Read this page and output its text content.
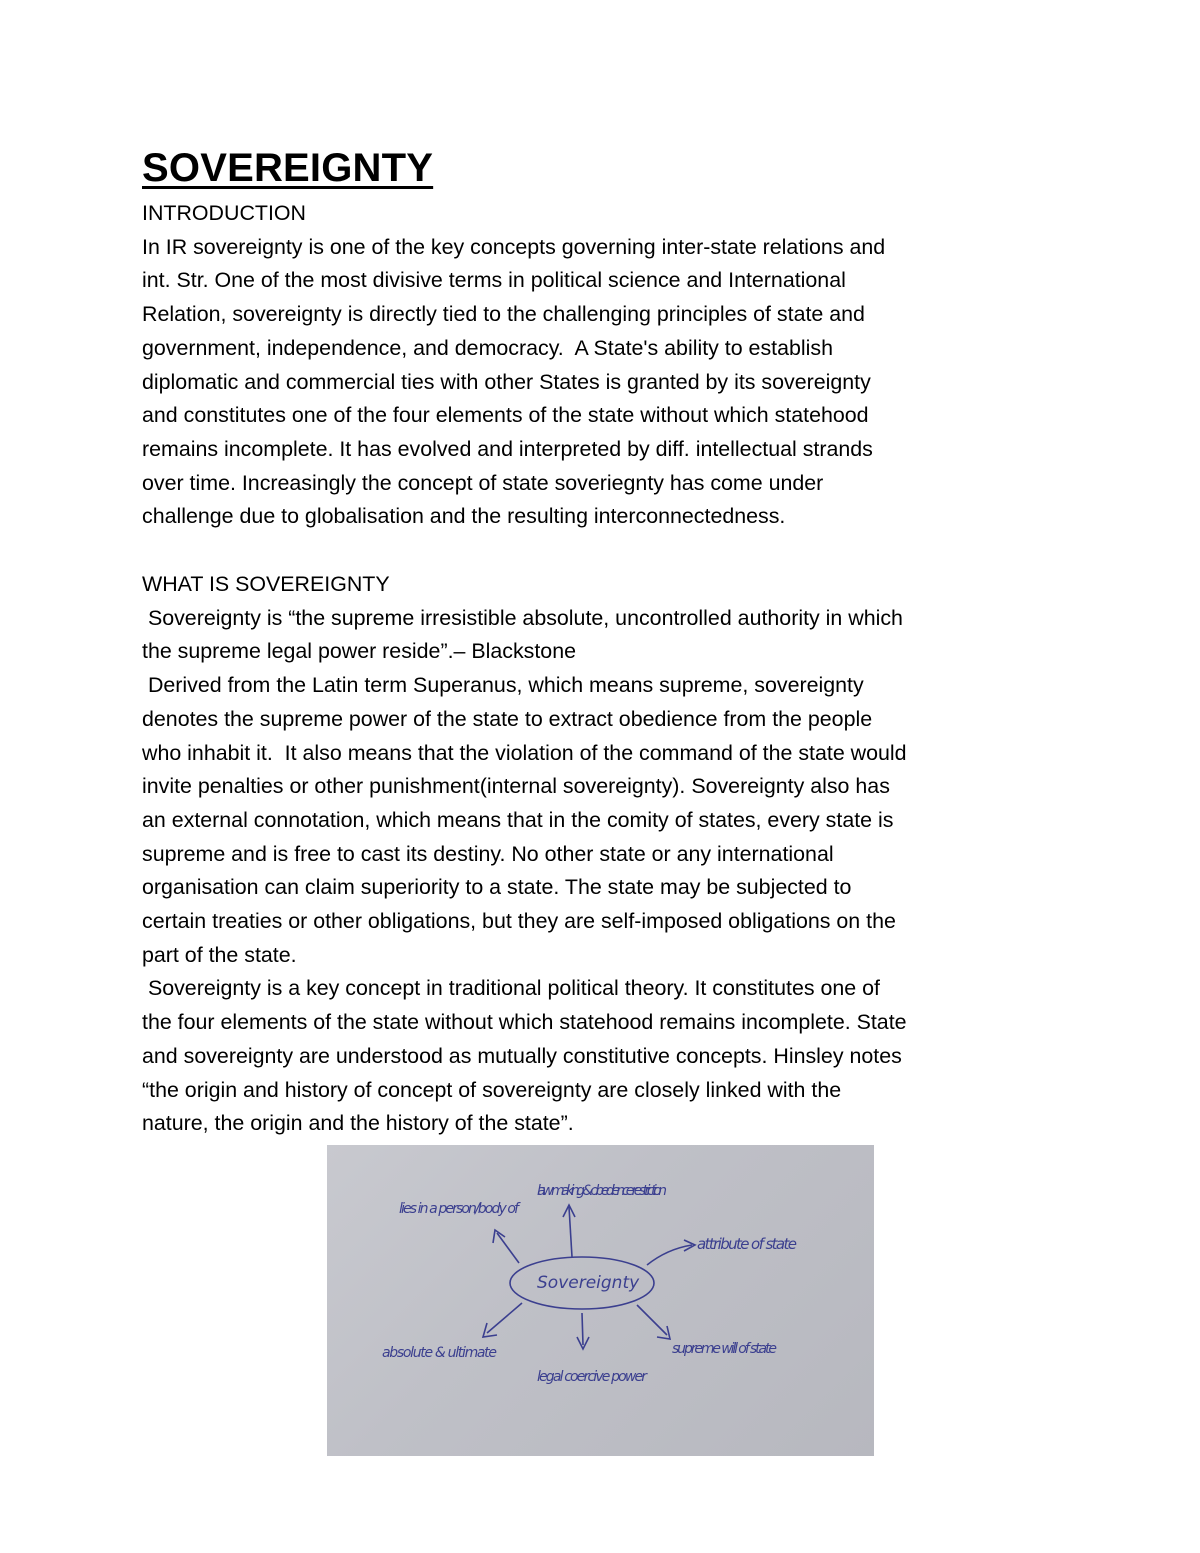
SOVEREIGNTY
INTRODUCTION
In IR sovereignty is one of the key concepts governing inter-state relations and
int. Str. One of the most divisive terms in political science and International
Relation, sovereignty is directly tied to the challenging principles of state and
government, independence, and democracy.  A State's ability to establish
diplomatic and commercial ties with other States is granted by its sovereignty
and constitutes one of the four elements of the state without which statehood
remains incomplete. It has evolved and interpreted by diff. intellectual strands
over time. Increasingly the concept of state soveriegnty has come under
challenge due to globalisation and the resulting interconnectedness.
WHAT IS SOVEREIGNTY
Sovereignty is “the supreme irresistible absolute, uncontrolled authority in which
the supreme legal power reside”.– Blackstone
Derived from the Latin term Superanus, which means supreme, sovereignty
denotes the supreme power of the state to extract obedience from the people
who inhabit it.  It also means that the violation of the command of the state would
invite penalties or other punishment(internal sovereignty). Sovereignty also has
an external connotation, which means that in the comity of states, every state is
supreme and is free to cast its destiny. No other state or any international
organisation can claim superiority to a state. The state may be subjected to
certain treaties or other obligations, but they are self-imposed obligations on the
part of the state.
Sovereignty is a key concept in traditional political theory. It constitutes one of
the four elements of the state without which statehood remains incomplete. State
and sovereignty are understood as mutually constitutive concepts. Hinsley notes
“the origin and history of concept of sovereignty are closely linked with the
nature, the origin and the history of the state”.
Sovereignty
lies in a person/body of
law making & obedience restriction
attribute of state
absolute & ultimate
legal coercive power
supreme will of state
